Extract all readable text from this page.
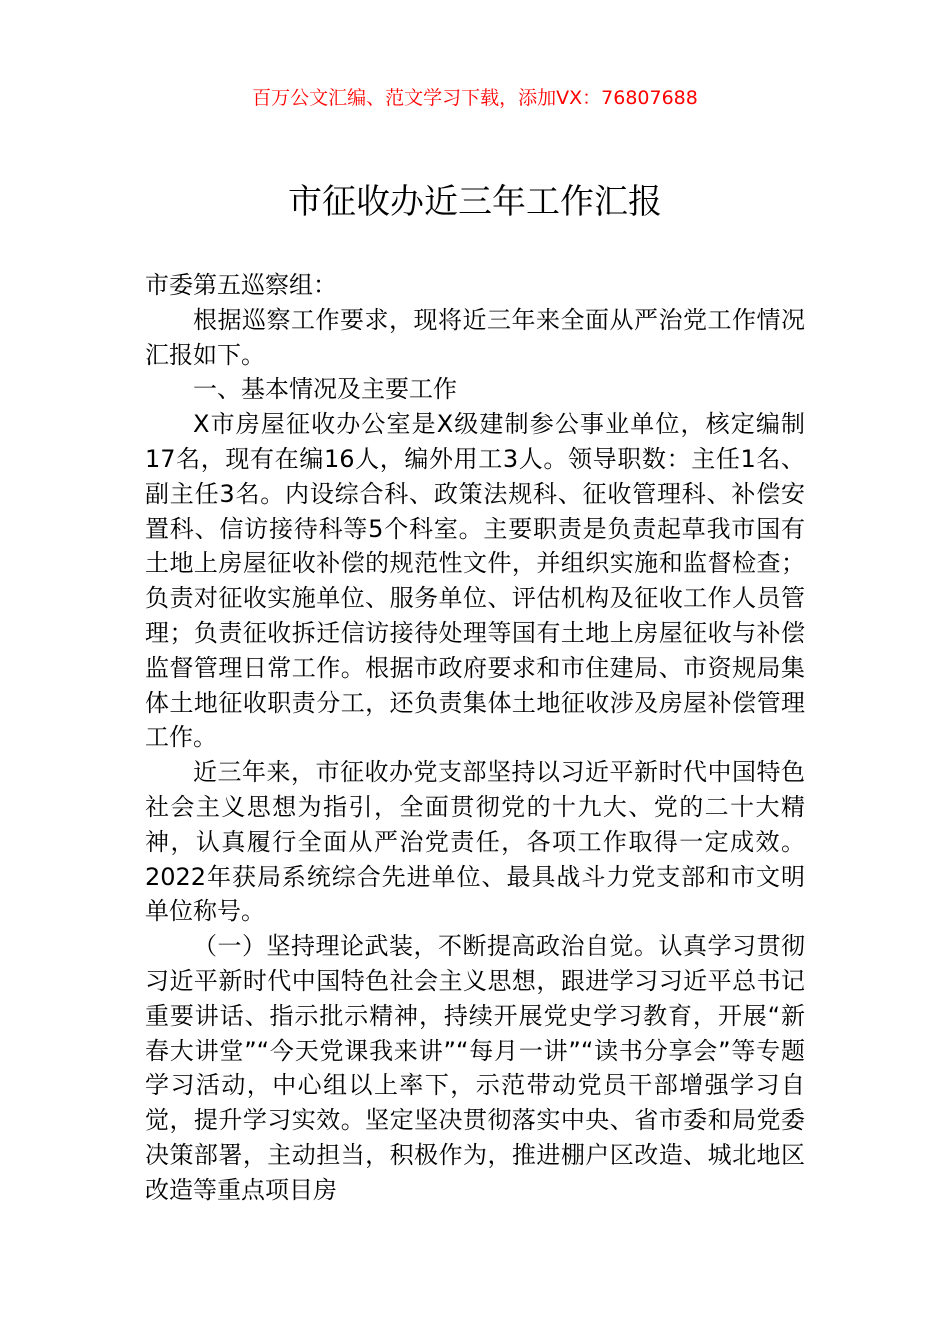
百万公文汇编、范文学习下载，添加VX：76807688
市征收办近三年工作汇报

市委第五巡察组：

根据巡察工作要求，现将近三年来全面从严治党工作情况汇报如下。

一、基本情况及主要工作

X市房屋征收办公室是X级建制参公事业单位，核定编制17名，现有在编16人，编外用工3人。领导职数：主任1名、副主任3名。内设综合科、政策法规科、征收管理科、补偿安置科、信访接待科等5个科室。主要职责是负责起草我市国有土地上房屋征收补偿的规范性文件，并组织实施和监督检查；负责对征收实施单位、服务单位、评估机构及征收工作人员管理；负责征收拆迁信访接待处理等国有土地上房屋征收与补偿监督管理日常工作。根据市政府要求和市住建局、市资规局集体土地征收职责分工，还负责集体土地征收涉及房屋补偿管理工作。

近三年来，市征收办党支部坚持以习近平新时代中国特色社会主义思想为指引，全面贯彻党的十九大、党的二十大精神，认真履行全面从严治党责任，各项工作取得一定成效。2022年获局系统综合先进单位、最具战斗力党支部和市文明单位称号。

（一）坚持理论武装，不断提高政治自觉。认真学习贯彻习近平新时代中国特色社会主义思想，跟进学习习近平总书记重要讲话、指示批示精神，持续开展党史学习教育，开展“新春大讲堂”“今天党课我来讲”“每月一讲”“读书分享会”等专题学习活动，中心组以上率下，示范带动党员干部增强学习自觉，提升学习实效。坚定坚决贯彻落实中央、省市委和局党委决策部署，主动担当，积极作为，推进棚户区改造、城北地区改造等重点项目房
